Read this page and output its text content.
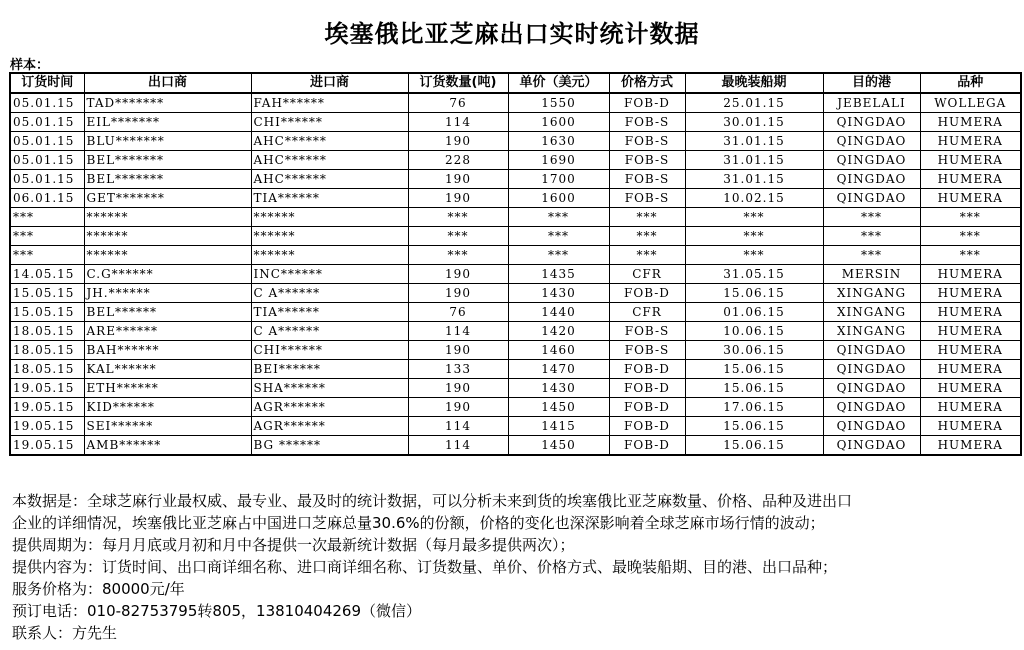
埃塞俄比亚芝麻出口实时统计数据
样本：
订货时间	出口商	进口商	订货数量(吨)	单价（美元）	价格方式	最晚装船期	目的港	品种
05.01.15	TAD*******	FAH******	76	1550	FOB-D	25.01.15	JEBELALI	WOLLEGA
05.01.15	EIL*******	CHI******	114	1600	FOB-S	30.01.15	QINGDAO	HUMERA
05.01.15	BLU*******	AHC******	190	1630	FOB-S	31.01.15	QINGDAO	HUMERA
05.01.15	BEL*******	AHC******	228	1690	FOB-S	31.01.15	QINGDAO	HUMERA
05.01.15	BEL*******	AHC******	190	1700	FOB-S	31.01.15	QINGDAO	HUMERA
06.01.15	GET*******	TIA******	190	1600	FOB-S	10.02.15	QINGDAO	HUMERA
***	******	******	***	***	***	***	***	***
***	******	******	***	***	***	***	***	***
***	******	******	***	***	***	***	***	***
14.05.15	C.G******	INC******	190	1435	CFR	31.05.15	MERSIN	HUMERA
15.05.15	JH.******	C A******	190	1430	FOB-D	15.06.15	XINGANG	HUMERA
15.05.15	BEL******	TIA******	76	1440	CFR	01.06.15	XINGANG	HUMERA
18.05.15	ARE******	C A******	114	1420	FOB-S	10.06.15	XINGANG	HUMERA
18.05.15	BAH******	CHI******	190	1460	FOB-S	30.06.15	QINGDAO	HUMERA
18.05.15	KAL******	BEI******	133	1470	FOB-D	15.06.15	QINGDAO	HUMERA
19.05.15	ETH******	SHA******	190	1430	FOB-D	15.06.15	QINGDAO	HUMERA
19.05.15	KID******	AGR******	190	1450	FOB-D	17.06.15	QINGDAO	HUMERA
19.05.15	SEI******	AGR******	114	1415	FOB-D	15.06.15	QINGDAO	HUMERA
19.05.15	AMB******	BG ******	114	1450	FOB-D	15.06.15	QINGDAO	HUMERA
本数据是：全球芝麻行业最权威、最专业、最及时的统计数据，可以分析未来到货的埃塞俄比亚芝麻数量、价格、品种及进出口
企业的详细情况，埃塞俄比亚芝麻占中国进口芝麻总量30.6%的份额，价格的变化也深深影响着全球芝麻市场行情的波动；
提供周期为：每月月底或月初和月中各提供一次最新统计数据（每月最多提供两次）；
提供内容为：订货时间、出口商详细名称、进口商详细名称、订货数量、单价、价格方式、最晚装船期、目的港、出口品种；
服务价格为：80000元/年
预订电话：010-82753795转805，13810404269（微信）
联系人：方先生
